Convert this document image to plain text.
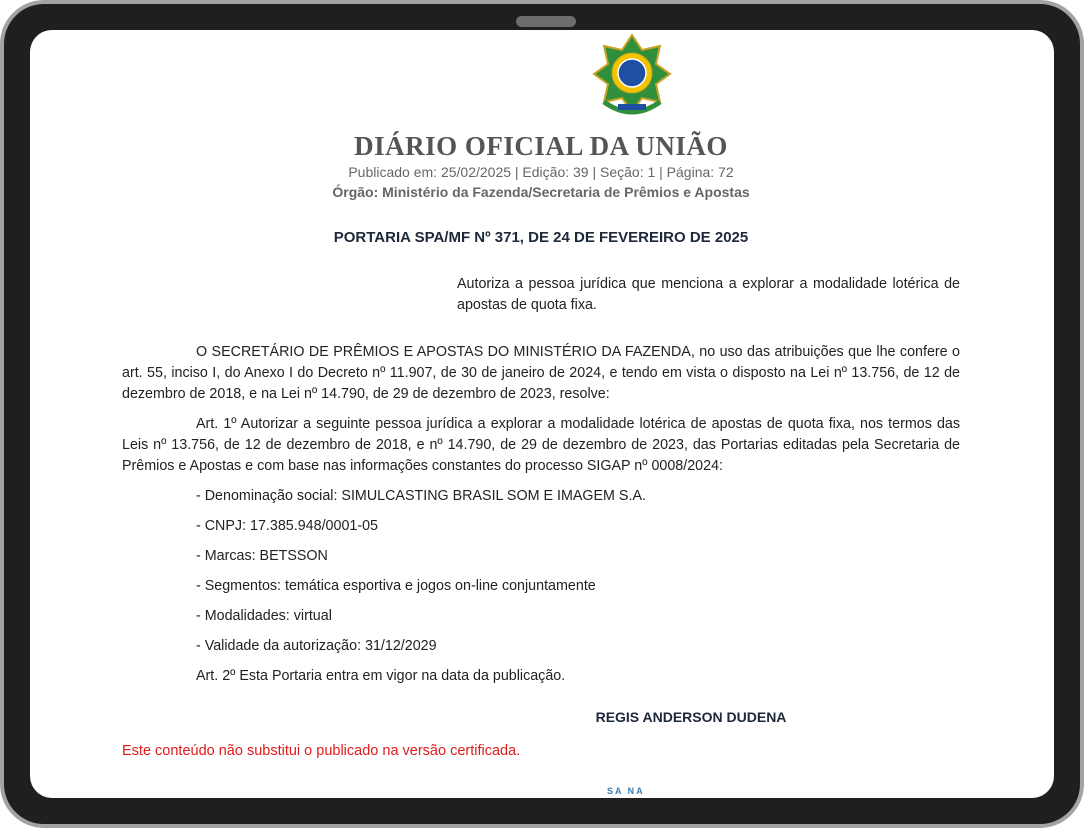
DIÁRIO OFICIAL DA UNIÃO
Publicado em: 25/02/2025 | Edição: 39 | Seção: 1 | Página: 72
Órgão: Ministério da Fazenda/Secretaria de Prêmios e Apostas
PORTARIA SPA/MF Nº 371, DE 24 DE FEVEREIRO DE 2025

Autoriza a pessoa jurídica que menciona a explorar a modalidade lotérica de apostas de quota fixa.

O SECRETÁRIO DE PRÊMIOS E APOSTAS DO MINISTÉRIO DA FAZENDA, no uso das atribuições que lhe confere o art. 55, inciso I, do Anexo I do Decreto nº 11.907, de 30 de janeiro de 2024, e tendo em vista o disposto na Lei nº 13.756, de 12 de dezembro de 2018, e na Lei nº 14.790, de 29 de dezembro de 2023, resolve:

Art. 1º Autorizar a seguinte pessoa jurídica a explorar a modalidade lotérica de apostas de quota fixa, nos termos das Leis nº 13.756, de 12 de dezembro de 2018, e nº 14.790, de 29 de dezembro de 2023, das Portarias editadas pela Secretaria de Prêmios e Apostas e com base nas informações constantes do processo SIGAP nº 0008/2024:

- Denominação social: SIMULCASTING BRASIL SOM E IMAGEM S.A.

- CNPJ: 17.385.948/0001-05

- Marcas: BETSSON

- Segmentos: temática esportiva e jogos on-line conjuntamente

- Modalidades: virtual

- Validade da autorização: 31/12/2029

Art. 2º Esta Portaria entra em vigor na data da publicação.

REGIS ANDERSON DUDENA
Este conteúdo não substitui o publicado na versão certificada.
SA NA
